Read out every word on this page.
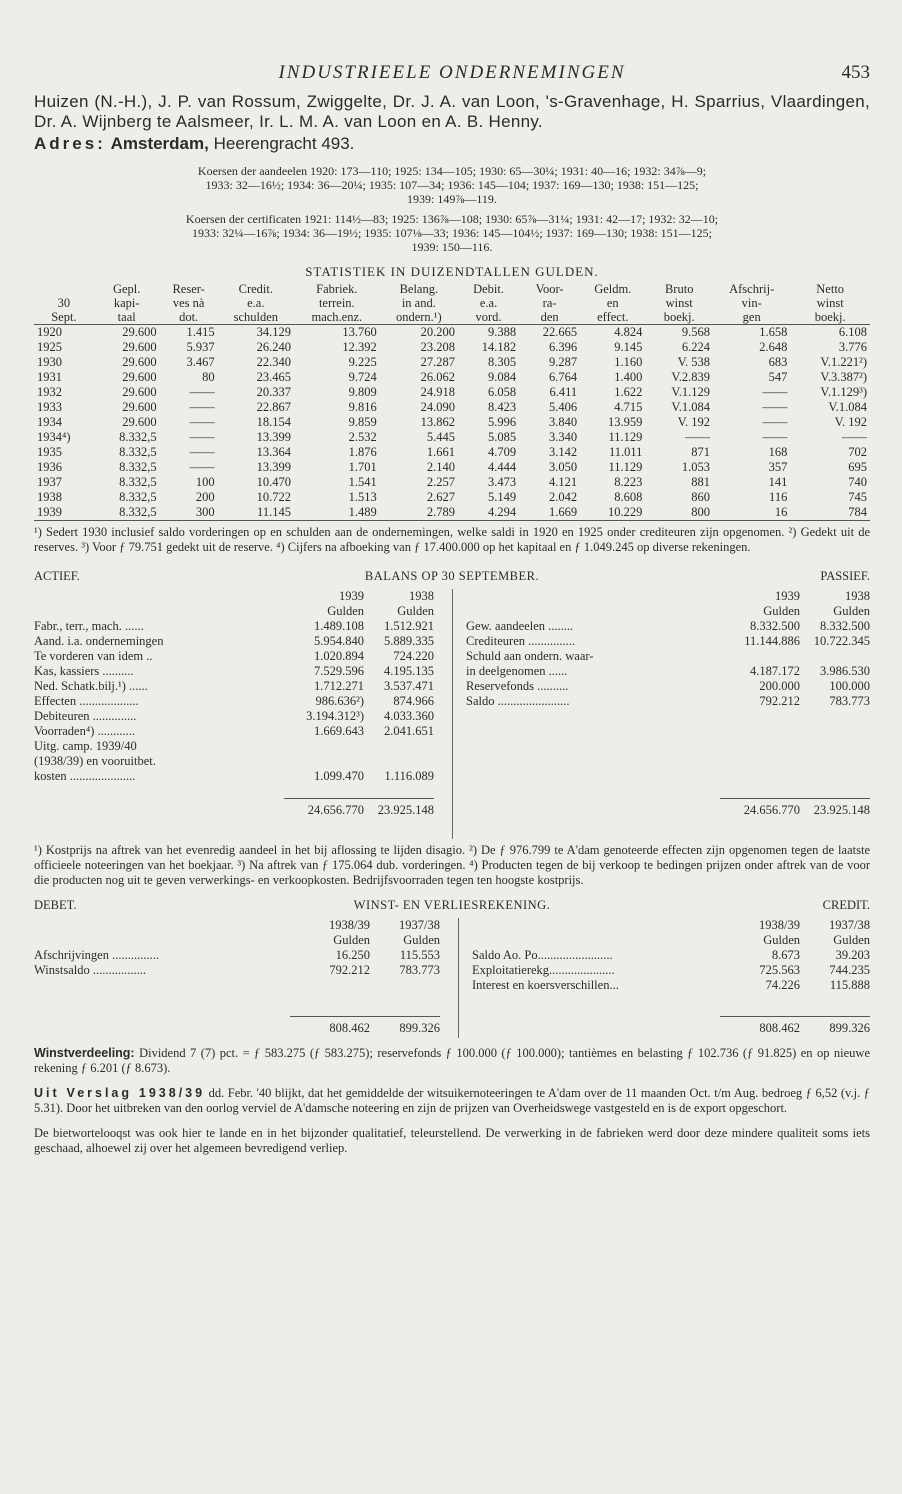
INDUSTRIEELE ONDERNEMINGEN	453

Huizen (N.-H.), J. P. van Rossum, Zwiggelte, Dr. J. A. van Loon, 's-Gravenhage, H. Sparrius, Vlaardingen, Dr. A. Wijnberg te Aalsmeer, Ir. L. M. A. van Loon en A. B. Henny.

Adres: Amsterdam, Heerengracht 493.
Koersen der aandeelen 1920: 173—110; 1925: 134—105; 1930: 65—30¼; 1931: 40—16; 1932: 34⅞—9;
1933: 32—16½; 1934: 36—20¼; 1935: 107—34; 1936: 145—104; 1937: 169—130; 1938: 151—125;
1939: 149⅞—119.
Koersen der certificaten 1921: 114½—83; 1925: 136⅞—108; 1930: 65⅞—31¼; 1931: 42—17; 1932: 32—10;
1933: 32¼—16⅞; 1934: 36—19½; 1935: 107⅛—33; 1936: 145—104½; 1937: 169—130; 1938: 151—125;
1939: 150—116.
STATISTIEK IN DUIZENDTALLEN GULDEN.
	Gepl.	Reser-	Credit.	Fabriek.	Belang.	Debit.	Voor-	Geldm.	Bruto	Afschrij-	Netto
30	kapi-	ves nà	e.a.	terrein.	in and.	e.a.	ra-	en	winst	vin-	winst
Sept.	taal	dot.	schulden	mach.enz.	ondern.¹)	vord.	den	effect.	boekj.	gen	boekj.
1920	29.600	1.415	34.129	13.760	20.200	9.388	22.665	4.824	9.568	1.658	6.108
1925	29.600	5.937	26.240	12.392	23.208	14.182	6.396	9.145	6.224	2.648	3.776
1930	29.600	3.467	22.340	9.225	27.287	8.305	9.287	1.160	V. 538	683	V.1.221²)
1931	29.600	80	23.465	9.724	26.062	9.084	6.764	1.400	V.2.839	547	V.3.387²)
1932	29.600	——	20.337	9.809	24.918	6.058	6.411	1.622	V.1.129	——	V.1.129³)
1933	29.600	——	22.867	9.816	24.090	8.423	5.406	4.715	V.1.084	——	V.1.084
1934	29.600	——	18.154	9.859	13.862	5.996	3.840	13.959	V. 192	——	V. 192
1934⁴)	8.332,5	——	13.399	2.532	5.445	5.085	3.340	11.129	——	——	——
1935	8.332,5	——	13.364	1.876	1.661	4.709	3.142	11.011	871	168	702
1936	8.332,5	——	13.399	1.701	2.140	4.444	3.050	11.129	1.053	357	695
1937	8.332,5	100	10.470	1.541	2.257	3.473	4.121	8.223	881	141	740
1938	8.332,5	200	10.722	1.513	2.627	5.149	2.042	8.608	860	116	745
1939	8.332,5	300	11.145	1.489	2.789	4.294	1.669	10.229	800	16	784

¹) Sedert 1930 inclusief saldo vorderingen op en schulden aan de ondernemingen, welke saldi in 1920 en 1925 onder crediteuren zijn opgenomen. ²) Gedekt uit de reserves. ³) Voor ƒ 79.751 gedekt uit de reserve. ⁴) Cijfers na afboeking van ƒ 17.400.000 op het kapitaal en ƒ 1.049.245 op diverse rekeningen.

ACTIEF.	BALANS OP 30 SEPTEMBER.	PASSIEF.
1939	1938
Gulden	Gulden
Fabr., terr., mach. ......	1.489.108	1.512.921
Aand. i.a. ondernemingen	5.954.840	5.889.335
Te vorderen van idem ..	1.020.894	724.220
Kas, kassiers ..........	7.529.596	4.195.135
Ned. Schatk.bilj.¹) ......	1.712.271	3.537.471
Effecten ...................	986.636²)	874.966
Debiteuren ..............	3.194.312³)	4.033.360
Voorraden⁴) ............	1.669.643	2.041.651
Uitg. camp. 1939/40
(1938/39) en vooruitbet.
kosten .....................	1.099.470	1.116.089
24.656.770	23.925.148
1939	1938
Gulden	Gulden
Gew. aandeelen ........	8.332.500	8.332.500
Crediteuren ...............	11.144.886	10.722.345
Schuld aan ondern. waar-
in deelgenomen ......	4.187.172	3.986.530
Reservefonds ..........	200.000	100.000
Saldo .......................	792.212	783.773
24.656.770	23.925.148

¹) Kostprijs na aftrek van het evenredig aandeel in het bij aflossing te lijden disagio. ²) De ƒ 976.799 te A'dam genoteerde effecten zijn opgenomen tegen de laatste officieele noteeringen van het boekjaar. ³) Na aftrek van ƒ 175.064 dub. vorderingen. ⁴) Producten tegen de bij verkoop te bedingen prijzen onder aftrek van de voor die producten nog uit te geven verwerkings- en verkoopkosten. Bedrijfsvoorraden tegen ten hoogste kostprijs.

DEBET.	WINST- EN VERLIESREKENING.	CREDIT.
1938/39	1937/38
Gulden	Gulden
Afschrijvingen ...............	16.250	115.553
Winstsaldo .................	792.212	783.773
808.462	899.326
1938/39	1937/38
Gulden	Gulden
Saldo Ao. Po........................	8.673	39.203
Exploitatierekg.....................	725.563	744.235
Interest en koersverschillen...	74.226	115.888
808.462	899.326

Winstverdeeling: Dividend 7 (7) pct. = ƒ 583.275 (ƒ 583.275); reservefonds ƒ 100.000 (ƒ 100.000); tantièmes en belasting ƒ 102.736 (ƒ 91.825) en op nieuwe rekening ƒ 6.201 (ƒ 8.673).

Uit Verslag 1938/39 dd. Febr. '40 blijkt, dat het gemiddelde der witsuikernoteeringen te A'dam over de 11 maanden Oct. t/m Aug. bedroeg ƒ 6,52 (v.j. ƒ 5.31). Door het uitbreken van den oorlog verviel de A'damsche noteering en zijn de prijzen van Overheidswege vastgesteld en is de export opgeschort.

De bietwortelooqst was ook hier te lande en in het bijzonder qualitatief, teleurstellend. De verwerking in de fabrieken werd door deze mindere qualiteit soms iets geschaad, alhoewel zij over het algemeen bevredigend verliep.
